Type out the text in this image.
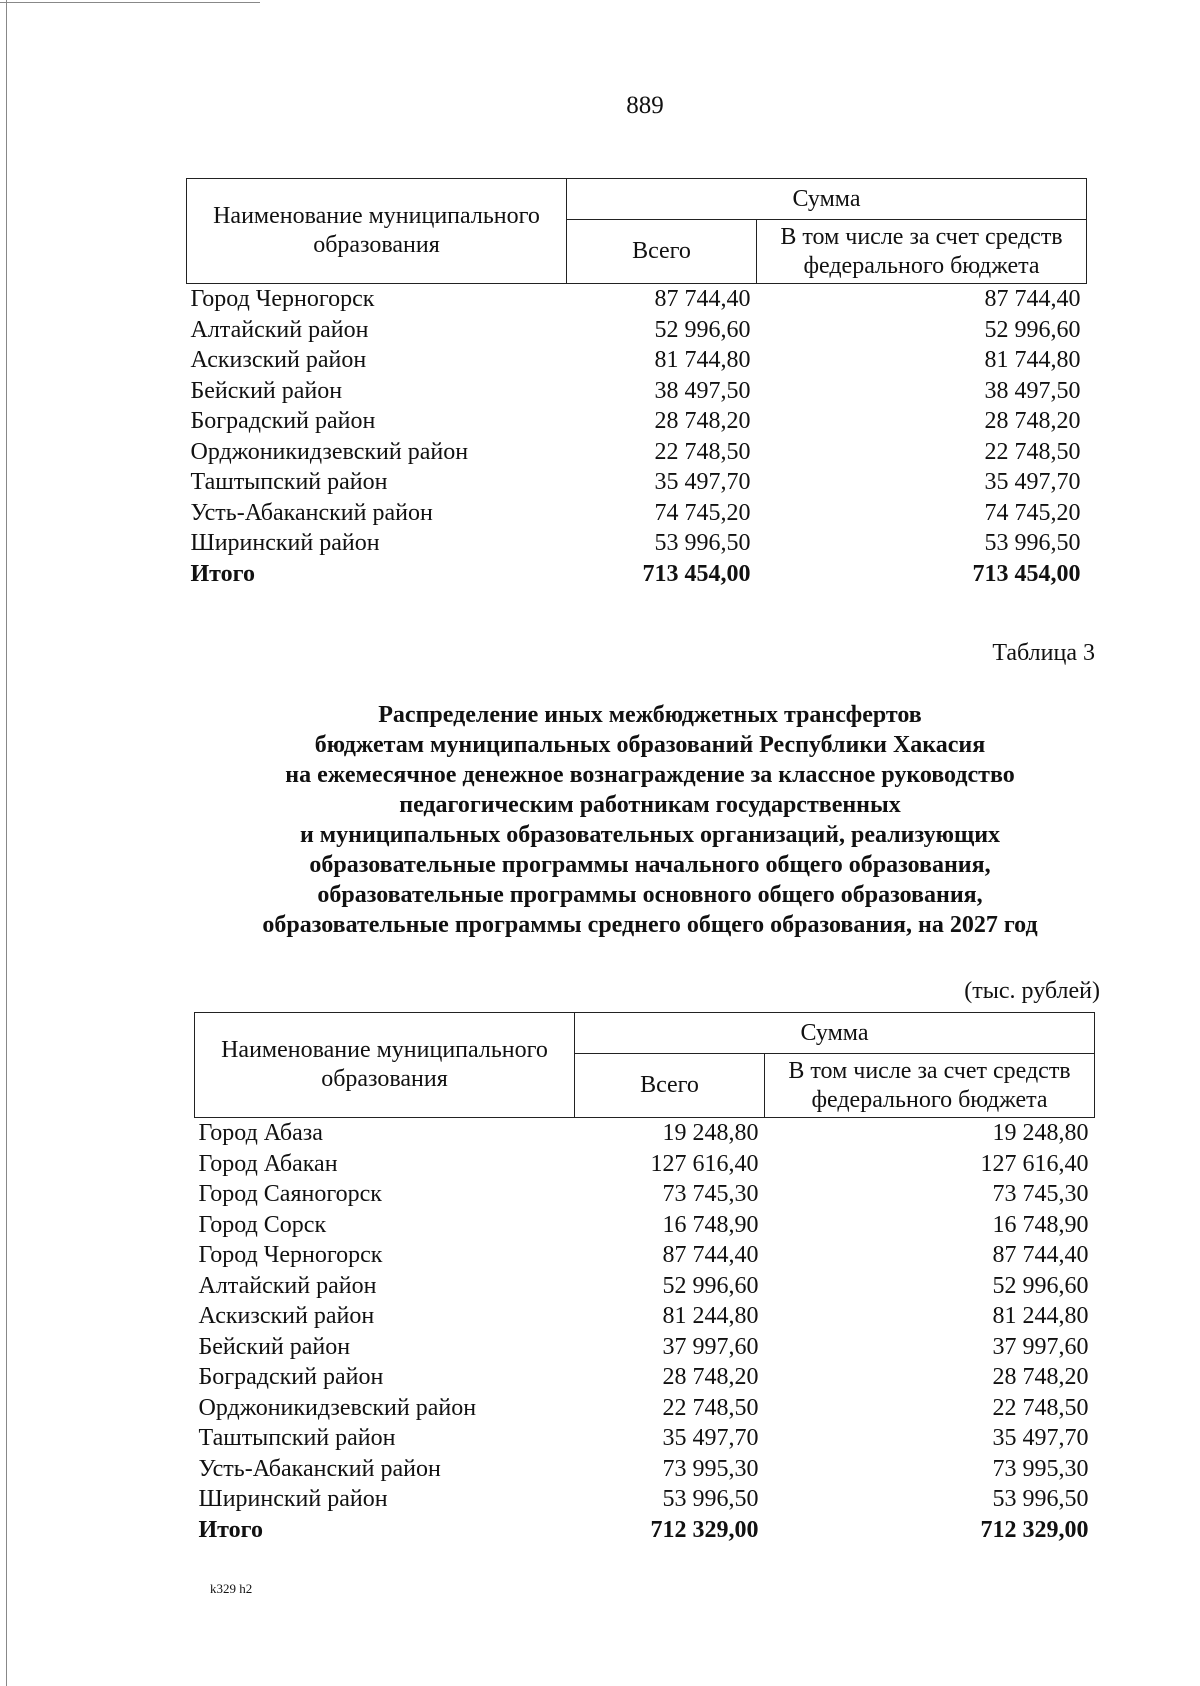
889
Наименование муниципального образования	Сумма	
	Всего	В том числе за счет средств федерального бюджета
Город Черногорск	87 744,40	87 744,40
Алтайский район	52 996,60	52 996,60
Аскизский район	81 744,80	81 744,80
Бейский район	38 497,50	38 497,50
Боградский район	28 748,20	28 748,20
Орджоникидзевский район	22 748,50	22 748,50
Таштыпский район	35 497,70	35 497,70
Усть-Абаканский район	74 745,20	74 745,20
Ширинский район	53 996,50	53 996,50
Итого	713 454,00	713 454,00
Таблица 3
Распределение иных межбюджетных трансфертов
бюджетам муниципальных образований Республики Хакасия
на ежемесячное денежное вознаграждение за классное руководство
педагогическим работникам государственных
и муниципальных образовательных организаций, реализующих
образовательные программы начального общего образования,
образовательные программы основного общего образования,
образовательные программы среднего общего образования, на 2027 год
(тыс. рублей)
Наименование муниципального образования	Сумма	
	Всего	В том числе за счет средств федерального бюджета
Город Абаза	19 248,80	19 248,80
Город Абакан	127 616,40	127 616,40
Город Саяногорск	73 745,30	73 745,30
Город Сорск	16 748,90	16 748,90
Город Черногорск	87 744,40	87 744,40
Алтайский район	52 996,60	52 996,60
Аскизский район	81 244,80	81 244,80
Бейский район	37 997,60	37 997,60
Боградский район	28 748,20	28 748,20
Орджоникидзевский район	22 748,50	22 748,50
Таштыпский район	35 497,70	35 497,70
Усть-Абаканский район	73 995,30	73 995,30
Ширинский район	53 996,50	53 996,50
Итого	712 329,00	712 329,00
k329 h2
